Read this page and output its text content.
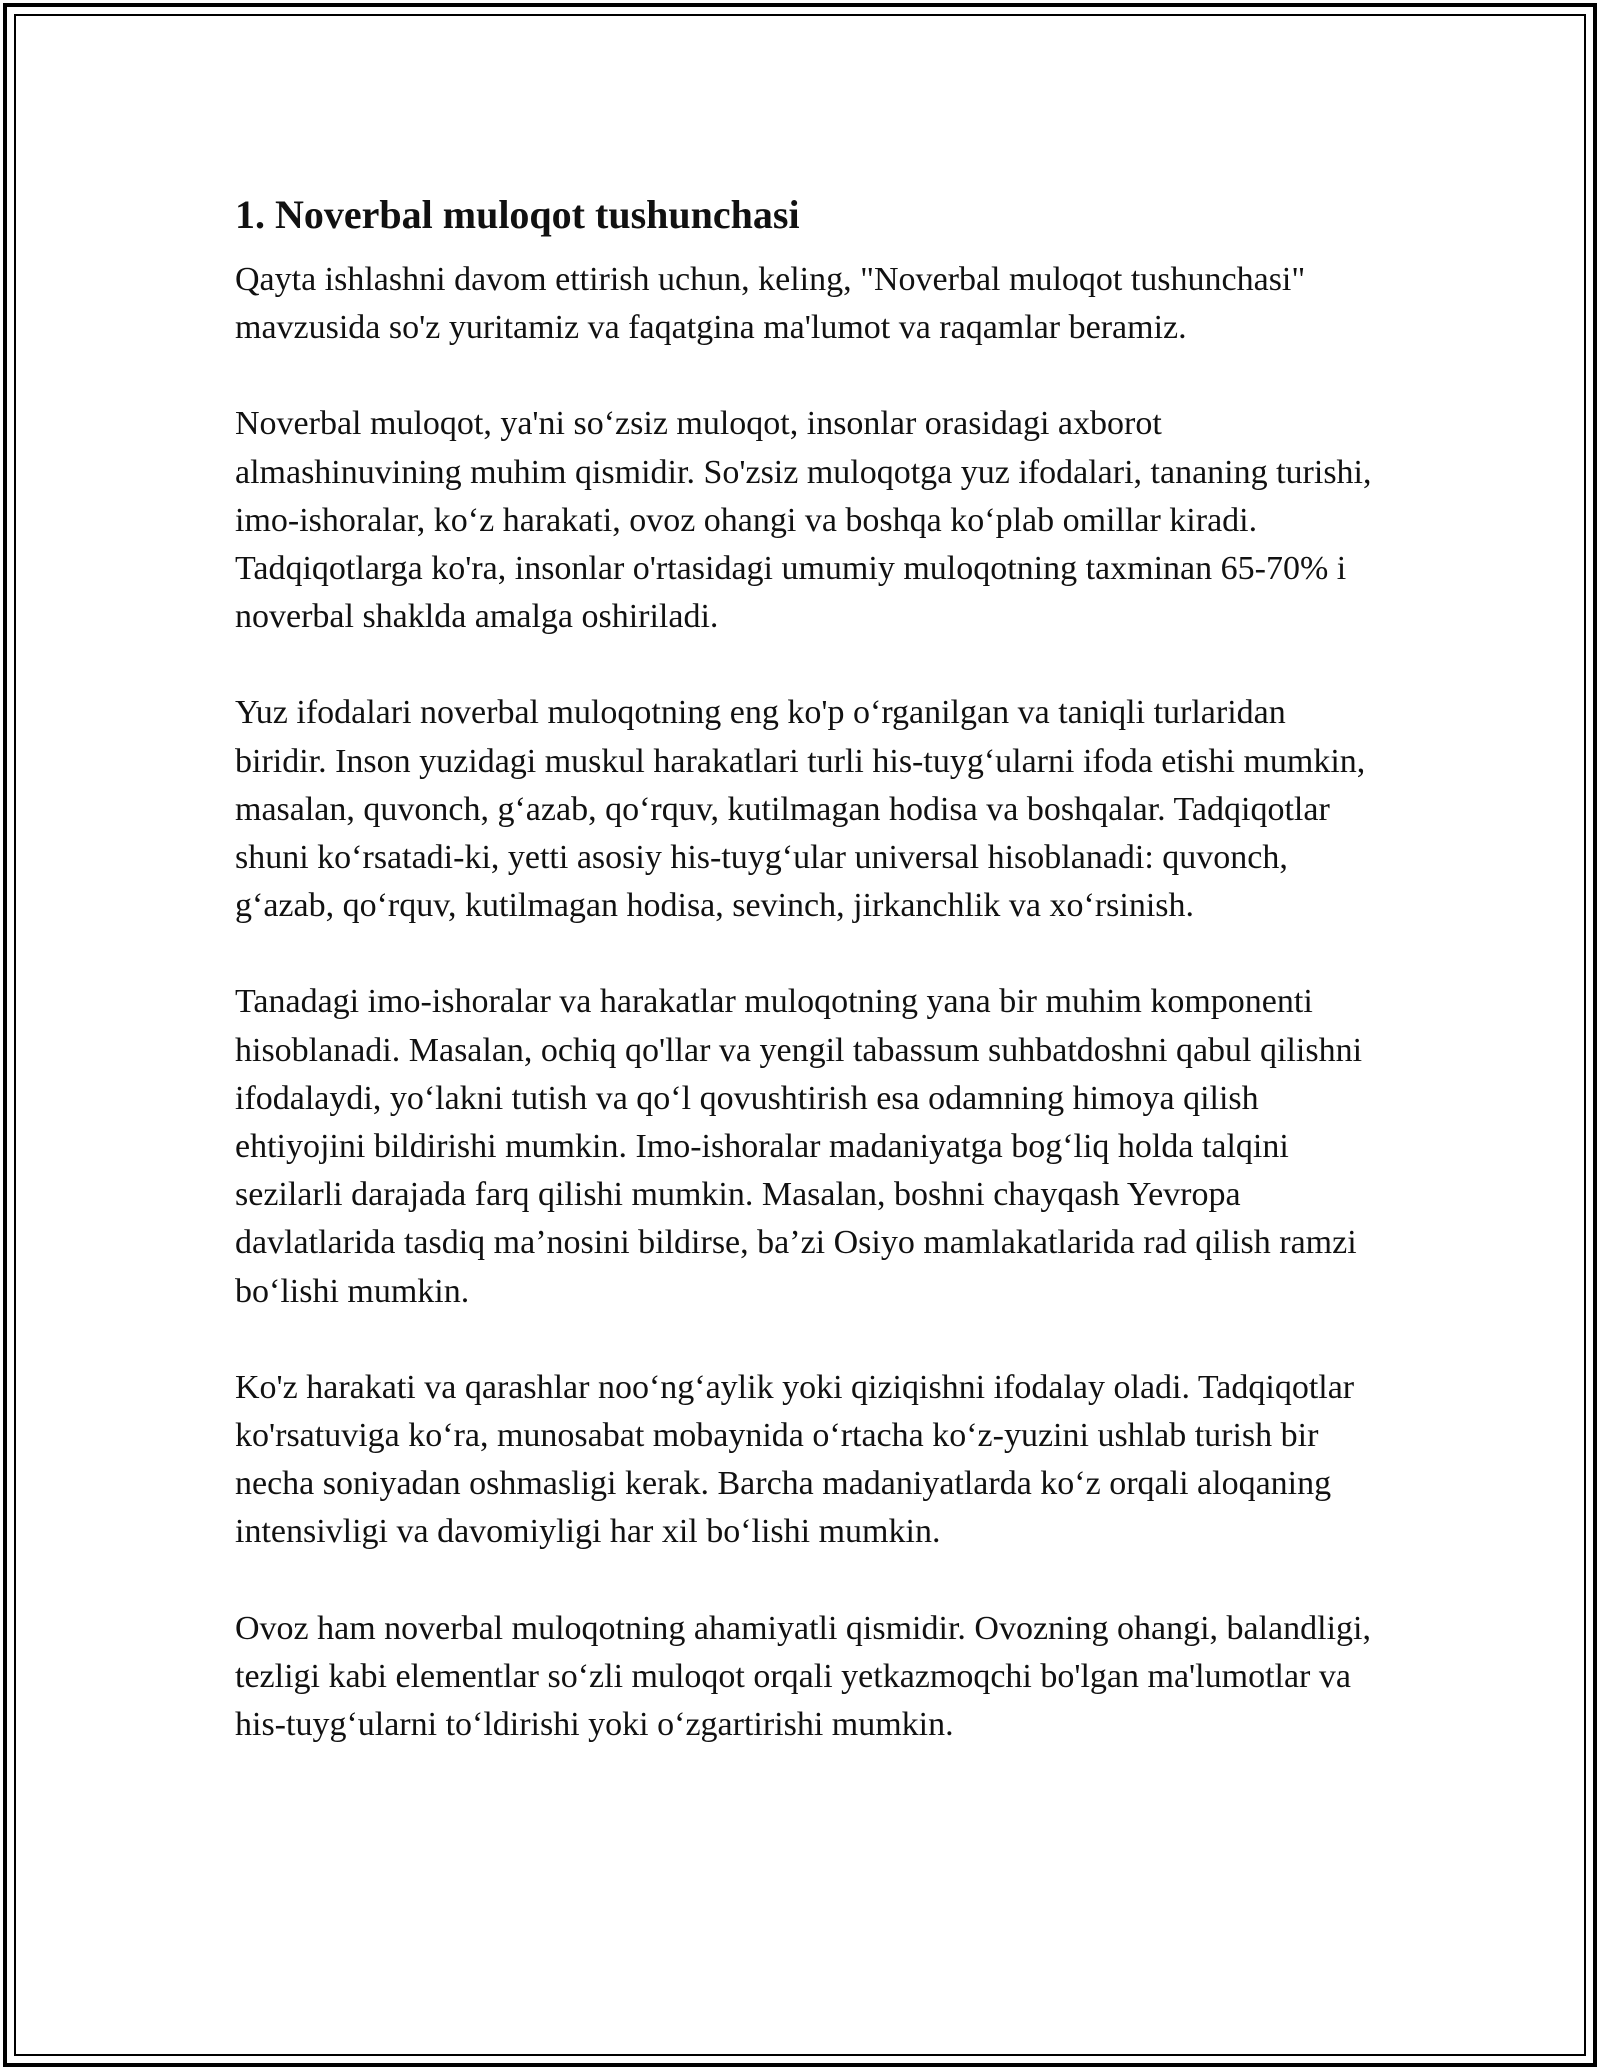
1. Noverbal muloqot tushunchasi

Qayta ishlashni davom ettirish uchun, keling, "Noverbal muloqot tushunchasi" mavzusida so'z yuritamiz va faqatgina ma'lumot va raqamlar beramiz.

Noverbal muloqot, ya'ni so‘zsiz muloqot, insonlar orasidagi axborot almashinuvining muhim qismidir. So'zsiz muloqotga yuz ifodalari, tananing turishi, imo-ishoralar, ko‘z harakati, ovoz ohangi va boshqa ko‘plab omillar kiradi. Tadqiqotlarga ko'ra, insonlar o'rtasidagi umumiy muloqotning taxminan 65-70% i noverbal shaklda amalga oshiriladi.

Yuz ifodalari noverbal muloqotning eng ko'p o‘rganilgan va taniqli turlaridan biridir. Inson yuzidagi muskul harakatlari turli his-tuyg‘ularni ifoda etishi mumkin, masalan, quvonch, g‘azab, qo‘rquv, kutilmagan hodisa va boshqalar. Tadqiqotlar shuni ko‘rsatadi-ki, yetti asosiy his-tuyg‘ular universal hisoblanadi: quvonch, g‘azab, qo‘rquv, kutilmagan hodisa, sevinch, jirkanchlik va xo‘rsinish.

Tanadagi imo-ishoralar va harakatlar muloqotning yana bir muhim komponenti hisoblanadi. Masalan, ochiq qo'llar va yengil tabassum suhbatdoshni qabul qilishni ifodalaydi, yo‘lakni tutish va qo‘l qovushtirish esa odamning himoya qilish ehtiyojini bildirishi mumkin. Imo-ishoralar madaniyatga bog‘liq holda talqini sezilarli darajada farq qilishi mumkin. Masalan, boshni chayqash Yevropa davlatlarida tasdiq ma’nosini bildirse, ba’zi Osiyo mamlakatlarida rad qilish ramzi bo‘lishi mumkin.

Ko'z harakati va qarashlar noo‘ng‘aylik yoki qiziqishni ifodalay oladi. Tadqiqotlar ko'rsatuviga ko‘ra, munosabat mobaynida o‘rtacha ko‘z-yuzini ushlab turish bir necha soniyadan oshmasligi kerak. Barcha madaniyatlarda ko‘z orqali aloqaning intensivligi va davomiyligi har xil bo‘lishi mumkin.

Ovoz ham noverbal muloqotning ahamiyatli qismidir. Ovozning ohangi, balandligi, tezligi kabi elementlar so‘zli muloqot orqali yetkazmoqchi bo'lgan ma'lumotlar va his-tuyg‘ularni to‘ldirishi yoki o‘zgartirishi mumkin.
